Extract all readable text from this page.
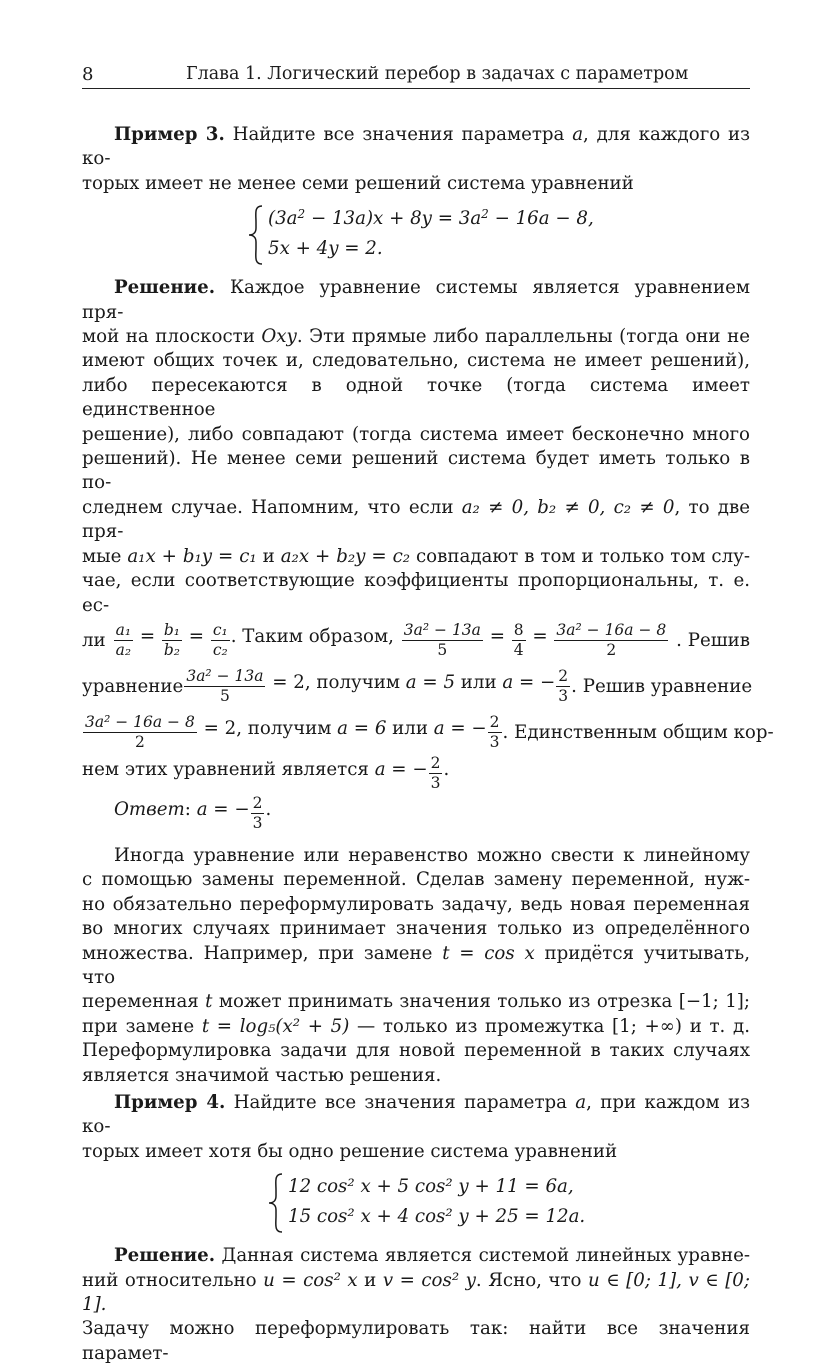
8	Глава 1. Логический перебор в задачах с параметром
Пример 3. Найдите все значения параметра a, для каждого из ко-
торых имеет не менее семи решений система уравнений
$(3a^2 - 13a)x + 8y = 3a^2 - 16a - 8$,
5x + 4y = 2.
Решение. Каждое уравнение системы является уравнением пря-
мой на плоскости Oxy. Эти прямые либо параллельны (тогда они не
имеют общих точек и, следовательно, система не имеет решений),
либо пересекаются в одной точке (тогда система имеет единственное
решение), либо совпадают (тогда система имеет бесконечно много
решений). Не менее семи решений система будет иметь только в по-
следнем случае. Напомним, что если a₂ ≠ 0, b₂ ≠ 0, c₂ ≠ 0, то две пря-
мые a₁x + b₁y = c₁ и a₂x + b₂y = c₂ совпадают в том и только том слу-
чае, если соответствующие коэффициенты пропорциональны, т. е. ес-
ли $\frac{\text{a₁}}{\text{a₂}} = \frac{\text{b₁}}{\text{b₂}} = \frac{\text{c₁}}{\text{c₂}}$ . Таким образом, $\frac{\text{3a² − 13a}}{5} = \frac{8}{4} = \frac{\text{3a² − 16a − 8}}{2}$ . Решив
уравнение $\frac{\text{3a² − 13a}}{5} = 2$, получим a = 5 или a = − $\frac{2}{3}$ . Решив уравнение
$\frac{\text{3a² − 16a − 8}}{2} = 2$, получим a = 6 или a = − $\frac{2}{3}$ . Единственным общим кор-
нем этих уравнений является a = − $\frac{2}{3}$ .
Ответ: a = − $\frac{2}{3}$ .
Иногда уравнение или неравенство можно свести к линейному
с помощью замены переменной. Сделав замену переменной, нуж-
но обязательно переформулировать задачу, ведь новая переменная
во многих случаях принимает значения только из определённого
множества. Например, при замене t = cos x придётся учитывать, что
переменная t может принимать значения только из отрезка [−1; 1];
при замене t = log₅(x² + 5) — только из промежутка [1; +∞) и т. д.
Переформулировка задачи для новой переменной в таких случаях
является значимой частью решения.
Пример 4. Найдите все значения параметра a, при каждом из ко-
торых имеет хотя бы одно решение система уравнений
12 cos² x + 5 cos² y + 11 = 6a,
15 cos² x + 4 cos² y + 25 = 12a.
Решение. Данная система является системой линейных уравне-
ний относительно u = cos² x и v = cos² y. Ясно, что u ∈ [0; 1], v ∈ [0; 1].
Задачу можно переформулировать так: найти все значения парамет-
